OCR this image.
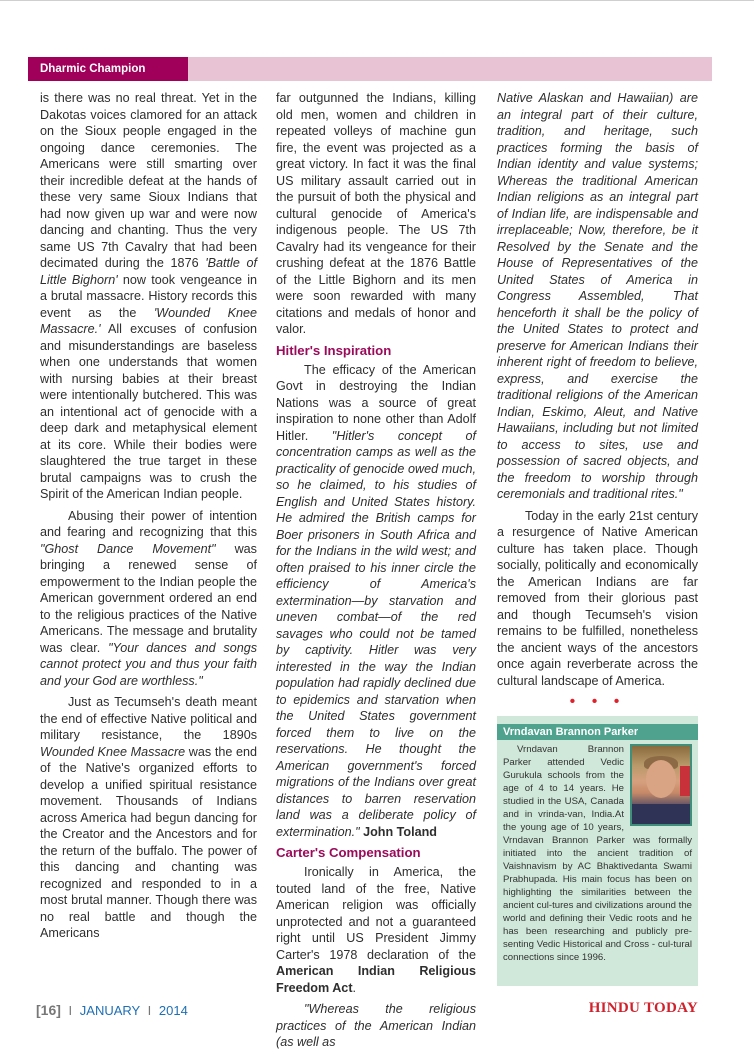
Dharmic Champion

is there was no real threat. Yet in the Dakotas voices clamored for an attack on the Sioux people engaged in the ongoing dance ceremonies. The Americans were still smarting over their incredible defeat at the hands of these very same Sioux Indians that had now given up war and were now dancing and chanting. Thus the very same US 7th Cavalry that had been decimated during the 1876 'Battle of Little Bighorn' now took vengeance in a brutal massacre. History records this event as the 'Wounded Knee Massacre.' All excuses of confusion and misunderstandings are baseless when one understands that women with nursing babies at their breast were intentionally butchered. This was an intentional act of genocide with a deep dark and metaphysical element at its core. While their bodies were slaughtered the true target in these brutal campaigns was to crush the Spirit of the American Indian people.

Abusing their power of intention and fearing and recognizing that this "Ghost Dance Movement" was bringing a renewed sense of empowerment to the Indian people the American government ordered an end to the religious practices of the Native Americans. The message and brutality was clear. "Your dances and songs cannot protect you and thus your faith and your God are worthless."

Just as Tecumseh's death meant the end of effective Native political and military resistance, the 1890s Wounded Knee Massacre was the end of the Native's organized efforts to develop a unified spiritual resistance movement. Thousands of Indians across America had begun dancing for the Creator and the Ancestors and for the return of the buffalo. The power of this dancing and chanting was recognized and responded to in a most brutal manner. Though there was no real battle and though the Americans

far outgunned the Indians, killing old men, women and children in repeated volleys of machine gun fire, the event was projected as a great victory. In fact it was the final US military assault carried out in the pursuit of both the physical and cultural genocide of America's indigenous people. The US 7th Cavalry had its vengeance for their crushing defeat at the 1876 Battle of the Little Bighorn and its men were soon rewarded with many citations and medals of honor and valor.

Hitler's Inspiration

The efficacy of the American Govt in destroying the Indian Nations was a source of great inspiration to none other than Adolf Hitler. "Hitler's concept of concentration camps as well as the practicality of genocide owed much, so he claimed, to his studies of English and United States history. He admired the British camps for Boer prisoners in South Africa and for the Indians in the wild west; and often praised to his inner circle the efficiency of America's extermination—by starvation and uneven combat—of the red savages who could not be tamed by captivity. Hitler was very interested in the way the Indian population had rapidly declined due to epidemics and starvation when the United States government forced them to live on the reservations. He thought the American government's forced migrations of the Indians over great distances to barren reservation land was a deliberate policy of extermination." John Toland

Carter's Compensation

Ironically in America, the touted land of the free, Native American religion was officially unprotected and not a guaranteed right until US President Jimmy Carter's 1978 declaration of the American Indian Religious Freedom Act.

"Whereas the religious practices of the American Indian (as well as

Native Alaskan and Hawaiian) are an integral part of their culture, tradition, and heritage, such practices forming the basis of Indian identity and value systems; Whereas the traditional American Indian religions as an integral part of Indian life, are indispensable and irreplaceable; Now, therefore, be it Resolved by the Senate and the House of Representatives of the United States of America in Congress Assembled, That henceforth it shall be the policy of the United States to protect and preserve for American Indians their inherent right of freedom to believe, express, and exercise the traditional religions of the American Indian, Eskimo, Aleut, and Native Hawaiians, including but not limited to access to sites, use and possession of sacred objects, and the freedom to worship through ceremonials and traditional rites."

Today in the early 21st century a resurgence of Native American culture has taken place. Though socially, politically and economically the American Indians are far removed from their glorious past and though Tecumseh's vision remains to be fulfilled, nonetheless the ancient ways of the ancestors once again reverberate across the cultural landscape of America.

• • •
Vrndavan Brannon Parker

Vrndavan Brannon Parker attended Vedic Gurukula schools from the age of 4 to 14 years. He studied in the USA, Canada and in vrinda-van, India.At the young age of 10 years, Vrndavan Brannon Parker was formally initiated into the ancient tradition of Vaishnavism by AC Bhaktivedanta Swami Prabhupada. His main focus has been on highlighting the similarities between the ancient cul-tures and civilizations around the world and defining their Vedic roots and he has been researching and publicly pre-senting Vedic Historical and Cross - cul-tural connections since 1996.

[16] I JANUARY I 2014	HINDU TODAY
